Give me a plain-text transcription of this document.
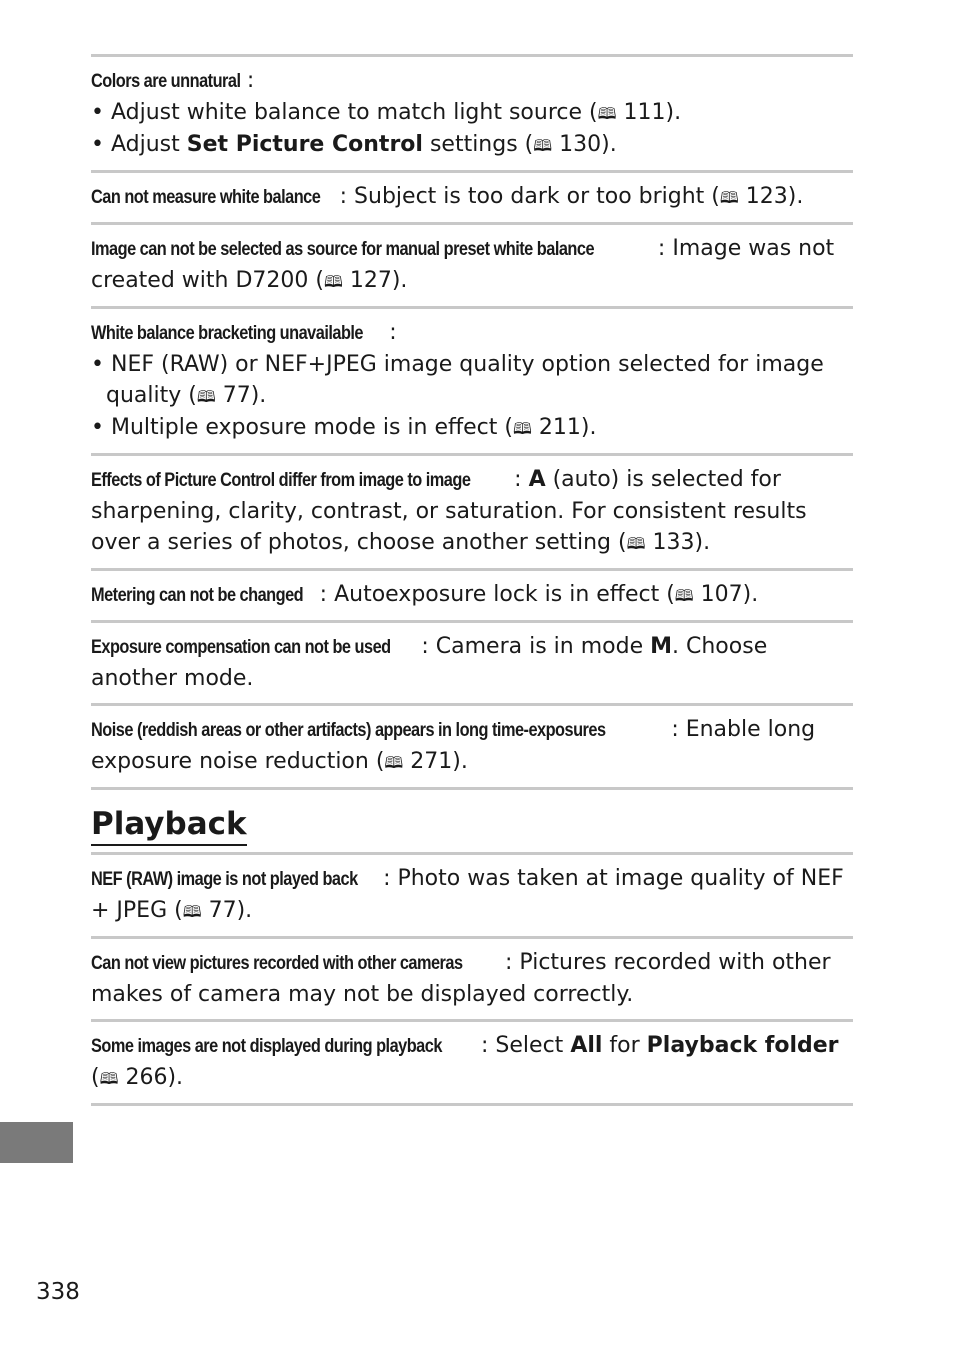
Colors are unnatural :
• Adjust white balance to match light source (🕮 111).
• Adjust Set Picture Control settings (🕮 130).
Can not measure white balance : Subject is too dark or too bright (🕮 123).
Image can not be selected as source for manual preset white balance	: Image was not created with D7200 (🕮 127).
White balance bracketing unavailable :
• NEF (RAW) or NEF+JPEG image quality option selected for image quality (🕮 77).
• Multiple exposure mode is in effect (🕮 211).
Effects of Picture Control differ from image to image : A (auto) is selected for sharpening, clarity, contrast, or saturation. For consistent results over a series of photos, choose another setting (🕮 133).
Metering can not be changed : Autoexposure lock is in effect (🕮 107).
Exposure compensation can not be used : Camera is in mode M. Choose another mode.
Noise (reddish areas or other artifacts) appears in long time-exposures	: Enable long exposure noise reduction (🕮 271).
Playback
NEF (RAW) image is not played back : Photo was taken at image quality of NEF + JPEG (🕮 77).
Can not view pictures recorded with other cameras : Pictures recorded with other makes of camera may not be displayed correctly.
Some images are not displayed during playback : Select All for Playback folder (🕮 266).
338
